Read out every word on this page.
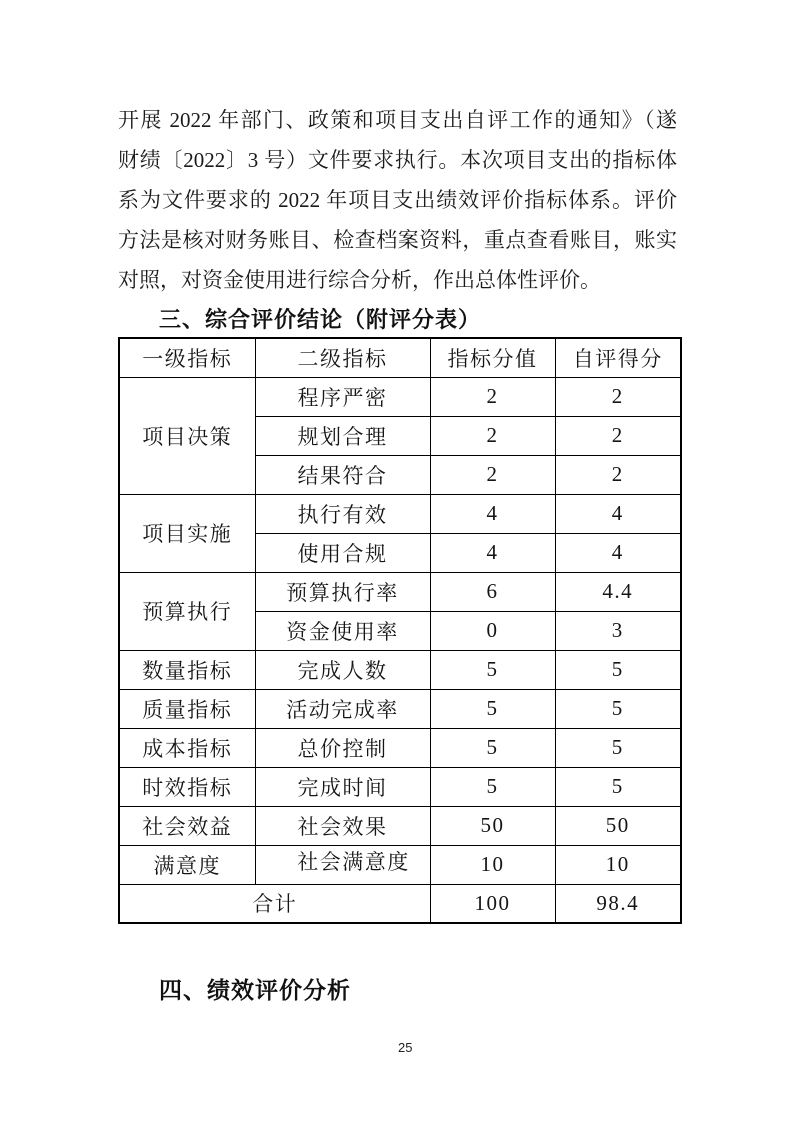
开展 2022 年部门、政策和项目支出自评工作的通知》（遂
财绩〔2022〕3 号）文件要求执行。本次项目支出的指标体
系为文件要求的 2022 年项目支出绩效评价指标体系。评价
方法是核对财务账目、检查档案资料，重点查看账目，账实
对照，对资金使用进行综合分析，作出总体性评价。
三、综合评价结论（附评分表）
一级指标	二级指标	指标分值	自评得分
项目决策	程序严密	2	2
	规划合理	2	2
	结果符合	2	2
项目实施	执行有效	4	4
	使用合规	4	4
预算执行	预算执行率	6	4.4
	资金使用率	0	3
数量指标	完成人数	5	5
质量指标	活动完成率	5	5
成本指标	总价控制	5	5
时效指标	完成时间	5	5
社会效益	社会效果	50	50
满意度	社会满意度	10	10
合计		100	98.4
四、绩效评价分析
25
